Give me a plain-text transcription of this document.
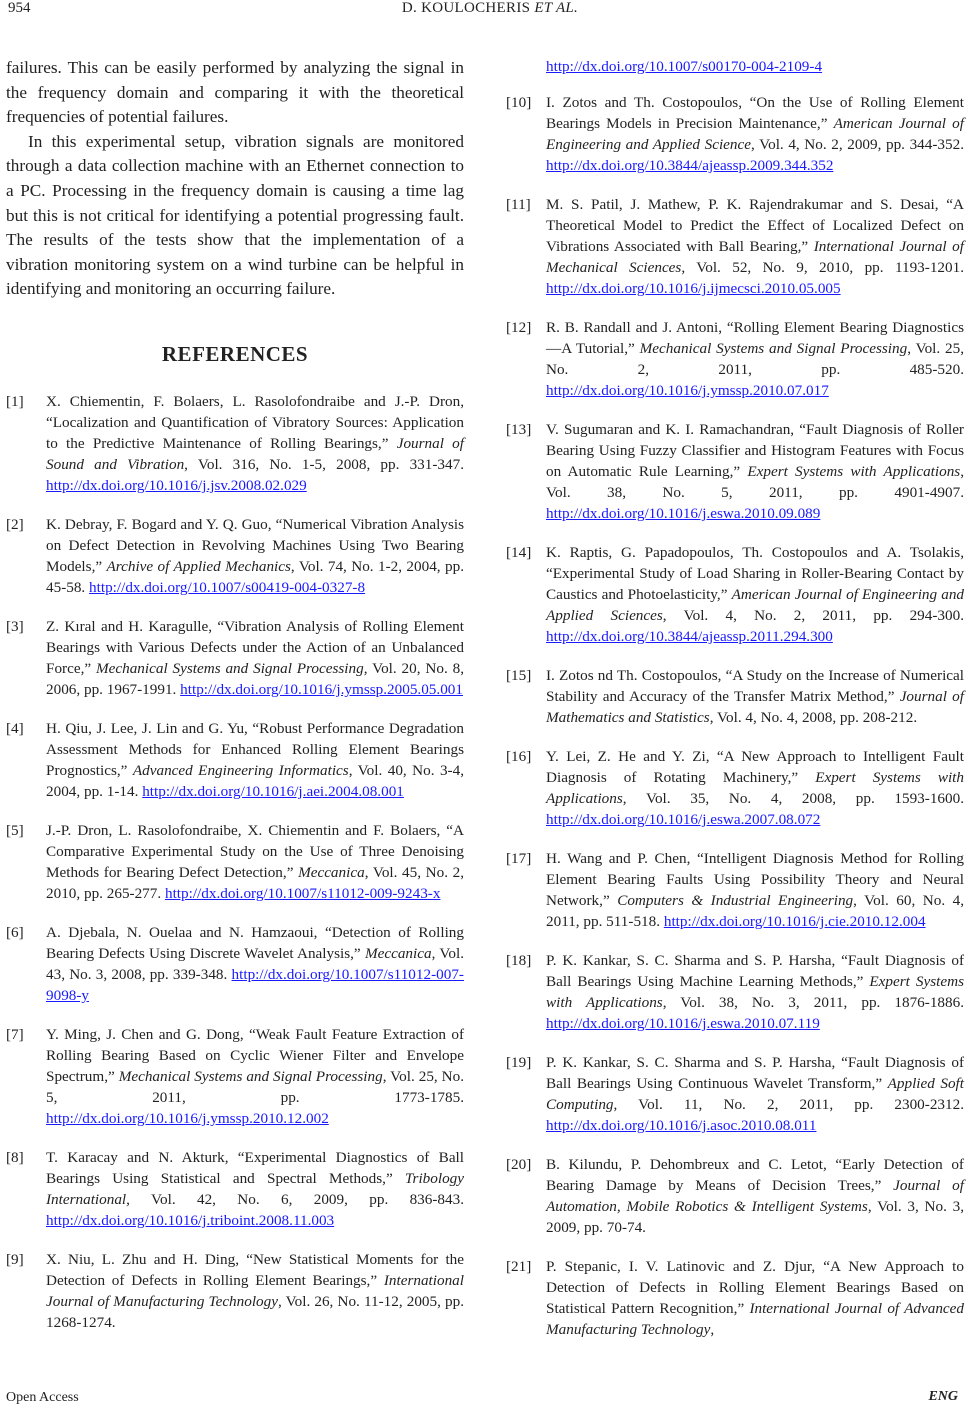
954	D. KOULOCHERIS ET AL.

failures. This can be easily performed by analyzing the signal in the frequency domain and comparing it with the theoretical frequencies of potential failures.

In this experimental setup, vibration signals are monitored through a data collection machine with an Ethernet connection to a PC. Processing in the frequency domain is causing a time lag but this is not critical for identifying a potential progressing fault. The results of the tests show that the implementation of a vibration monitoring system on a wind turbine can be helpful in identifying and monitoring an occurring failure.

REFERENCES
[1] X. Chiementin, F. Bolaers, L. Rasolofondraibe and J.-P. Dron, “Localization and Quantification of Vibratory Sources: Application to the Predictive Maintenance of Rolling Bearings,” Journal of Sound and Vibration, Vol. 316, No. 1-5, 2008, pp. 331-347. http://dx.doi.org/10.1016/j.jsv.2008.02.029
[2] K. Debray, F. Bogard and Y. Q. Guo, “Numerical Vibration Analysis on Defect Detection in Revolving Machines Using Two Bearing Models,” Archive of Applied Mechanics, Vol. 74, No. 1-2, 2004, pp. 45-58. http://dx.doi.org/10.1007/s00419-004-0327-8
[3] Z. Kıral and H. Karagulle, “Vibration Analysis of Rolling Element Bearings with Various Defects under the Action of an Unbalanced Force,” Mechanical Systems and Signal Processing, Vol. 20, No. 8, 2006, pp. 1967-1991. http://dx.doi.org/10.1016/j.ymssp.2005.05.001
[4] H. Qiu, J. Lee, J. Lin and G. Yu, “Robust Performance Degradation Assessment Methods for Enhanced Rolling Element Bearings Prognostics,” Advanced Engineering Informatics, Vol. 40, No. 3-4, 2004, pp. 1-14. http://dx.doi.org/10.1016/j.aei.2004.08.001
[5] J.-P. Dron, L. Rasolofondraibe, X. Chiementin and F. Bolaers, “A Comparative Experimental Study on the Use of Three Denoising Methods for Bearing Defect Detection,” Meccanica, Vol. 45, No. 2, 2010, pp. 265-277. http://dx.doi.org/10.1007/s11012-009-9243-x
[6] A. Djebala, N. Ouelaa and N. Hamzaoui, “Detection of Rolling Bearing Defects Using Discrete Wavelet Analysis,” Meccanica, Vol. 43, No. 3, 2008, pp. 339-348. http://dx.doi.org/10.1007/s11012-007-9098-y
[7] Y. Ming, J. Chen and G. Dong, “Weak Fault Feature Extraction of Rolling Bearing Based on Cyclic Wiener Filter and Envelope Spectrum,” Mechanical Systems and Signal Processing, Vol. 25, No. 5, 2011, pp. 1773-1785. http://dx.doi.org/10.1016/j.ymssp.2010.12.002
[8] T. Karacay and N. Akturk, “Experimental Diagnostics of Ball Bearings Using Statistical and Spectral Methods,” Tribology International, Vol. 42, No. 6, 2009, pp. 836-843. http://dx.doi.org/10.1016/j.triboint.2008.11.003
[9] X. Niu, L. Zhu and H. Ding, “New Statistical Moments for the Detection of Defects in Rolling Element Bearings,” International Journal of Manufacturing Technology, Vol. 26, No. 11-12, 2005, pp. 1268-1274.
http://dx.doi.org/10.1007/s00170-004-2109-4
[10] I. Zotos and Th. Costopoulos, “On the Use of Rolling Element Bearings Models in Precision Maintenance,” American Journal of Engineering and Applied Science, Vol. 4, No. 2, 2009, pp. 344-352. http://dx.doi.org/10.3844/ajeassp.2009.344.352
[11] M. S. Patil, J. Mathew, P. K. Rajendrakumar and S. Desai, “A Theoretical Model to Predict the Effect of Localized Defect on Vibrations Associated with Ball Bearing,” International Journal of Mechanical Sciences, Vol. 52, No. 9, 2010, pp. 1193-1201. http://dx.doi.org/10.1016/j.ijmecsci.2010.05.005
[12] R. B. Randall and J. Antoni, “Rolling Element Bearing Diagnostics—A Tutorial,” Mechanical Systems and Signal Processing, Vol. 25, No. 2, 2011, pp. 485-520. http://dx.doi.org/10.1016/j.ymssp.2010.07.017
[13] V. Sugumaran and K. I. Ramachandran, “Fault Diagnosis of Roller Bearing Using Fuzzy Classifier and Histogram Features with Focus on Automatic Rule Learning,” Expert Systems with Applications, Vol. 38, No. 5, 2011, pp. 4901-4907. http://dx.doi.org/10.1016/j.eswa.2010.09.089
[14] K. Raptis, G. Papadopoulos, Th. Costopoulos and A. Tsolakis, “Experimental Study of Load Sharing in Roller-Bearing Contact by Caustics and Photoelasticity,” American Journal of Engineering and Applied Sciences, Vol. 4, No. 2, 2011, pp. 294-300. http://dx.doi.org/10.3844/ajeassp.2011.294.300
[15] I. Zotos nd Th. Costopoulos, “A Study on the Increase of Numerical Stability and Accuracy of the Transfer Matrix Method,” Journal of Mathematics and Statistics, Vol. 4, No. 4, 2008, pp. 208-212.
[16] Y. Lei, Z. He and Y. Zi, “A New Approach to Intelligent Fault Diagnosis of Rotating Machinery,” Expert Systems with Applications, Vol. 35, No. 4, 2008, pp. 1593-1600. http://dx.doi.org/10.1016/j.eswa.2007.08.072
[17] H. Wang and P. Chen, “Intelligent Diagnosis Method for Rolling Element Bearing Faults Using Possibility Theory and Neural Network,” Computers & Industrial Engineering, Vol. 60, No. 4, 2011, pp. 511-518. http://dx.doi.org/10.1016/j.cie.2010.12.004
[18] P. K. Kankar, S. C. Sharma and S. P. Harsha, “Fault Diagnosis of Ball Bearings Using Machine Learning Methods,” Expert Systems with Applications, Vol. 38, No. 3, 2011, pp. 1876-1886. http://dx.doi.org/10.1016/j.eswa.2010.07.119
[19] P. K. Kankar, S. C. Sharma and S. P. Harsha, “Fault Diagnosis of Ball Bearings Using Continuous Wavelet Transform,” Applied Soft Computing, Vol. 11, No. 2, 2011, pp. 2300-2312. http://dx.doi.org/10.1016/j.asoc.2010.08.011
[20] B. Kilundu, P. Dehombreux and C. Letot, “Early Detection of Bearing Damage by Means of Decision Trees,” Journal of Automation, Mobile Robotics & Intelligent Systems, Vol. 3, No. 3, 2009, pp. 70-74.
[21] P. Stepanic, I. V. Latinovic and Z. Djur, “A New Approach to Detection of Defects in Rolling Element Bearings Based on Statistical Pattern Recognition,” International Journal of Advanced Manufacturing Technology,
Open Access	ENG
